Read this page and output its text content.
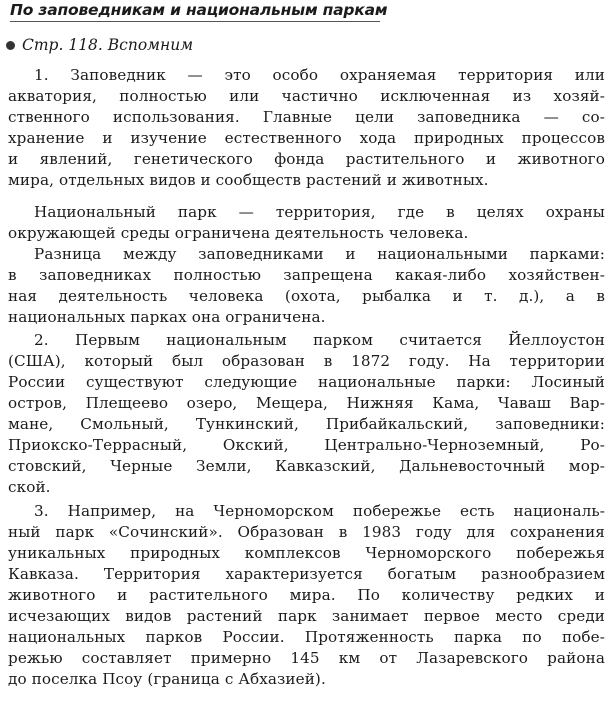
По заповедникам и национальным паркам
Стр. 118. Вспомним
1. Заповедник — это особо охраняемая территория или
акватория, полностью или частично исключенная из хозяй-
ственного использования. Главные цели заповедника — со-
хранение и изучение естественного хода природных процессов
и явлений, генетического фонда растительного и животного
мира, отдельных видов и сообществ растений и животных.
Национальный парк — территория, где в целях охраны
окружающей среды ограничена деятельность человека.
Разница между заповедниками и национальными парками:
в заповедниках полностью запрещена какая-либо хозяйствен-
ная деятельность человека (охота, рыбалка и т. д.), а в
национальных парках она ограничена.
2. Первым национальным парком считается Йеллоустон
(США), который был образован в 1872 году. На территории
России существуют следующие национальные парки: Лосиный
остров, Плещеево озеро, Мещера, Нижняя Кама, Чаваш Вар-
мане, Смольный, Тункинский, Прибайкальский, заповедники:
Приокско-Террасный, Окский, Центрально-Черноземный, Ро-
стовский, Черные Земли, Кавказский, Дальневосточный мор-
ской.
3. Например, на Черноморском побережье есть националь-
ный парк «Сочинский». Образован в 1983 году для сохранения
уникальных природных комплексов Черноморского побережья
Кавказа. Территория характеризуется богатым разнообразием
животного и растительного мира. По количеству редких и
исчезающих видов растений парк занимает первое место среди
национальных парков России. Протяженность парка по побе-
режью составляет примерно 145 км от Лазаревского района
до поселка Псоу (граница с Абхазией).
